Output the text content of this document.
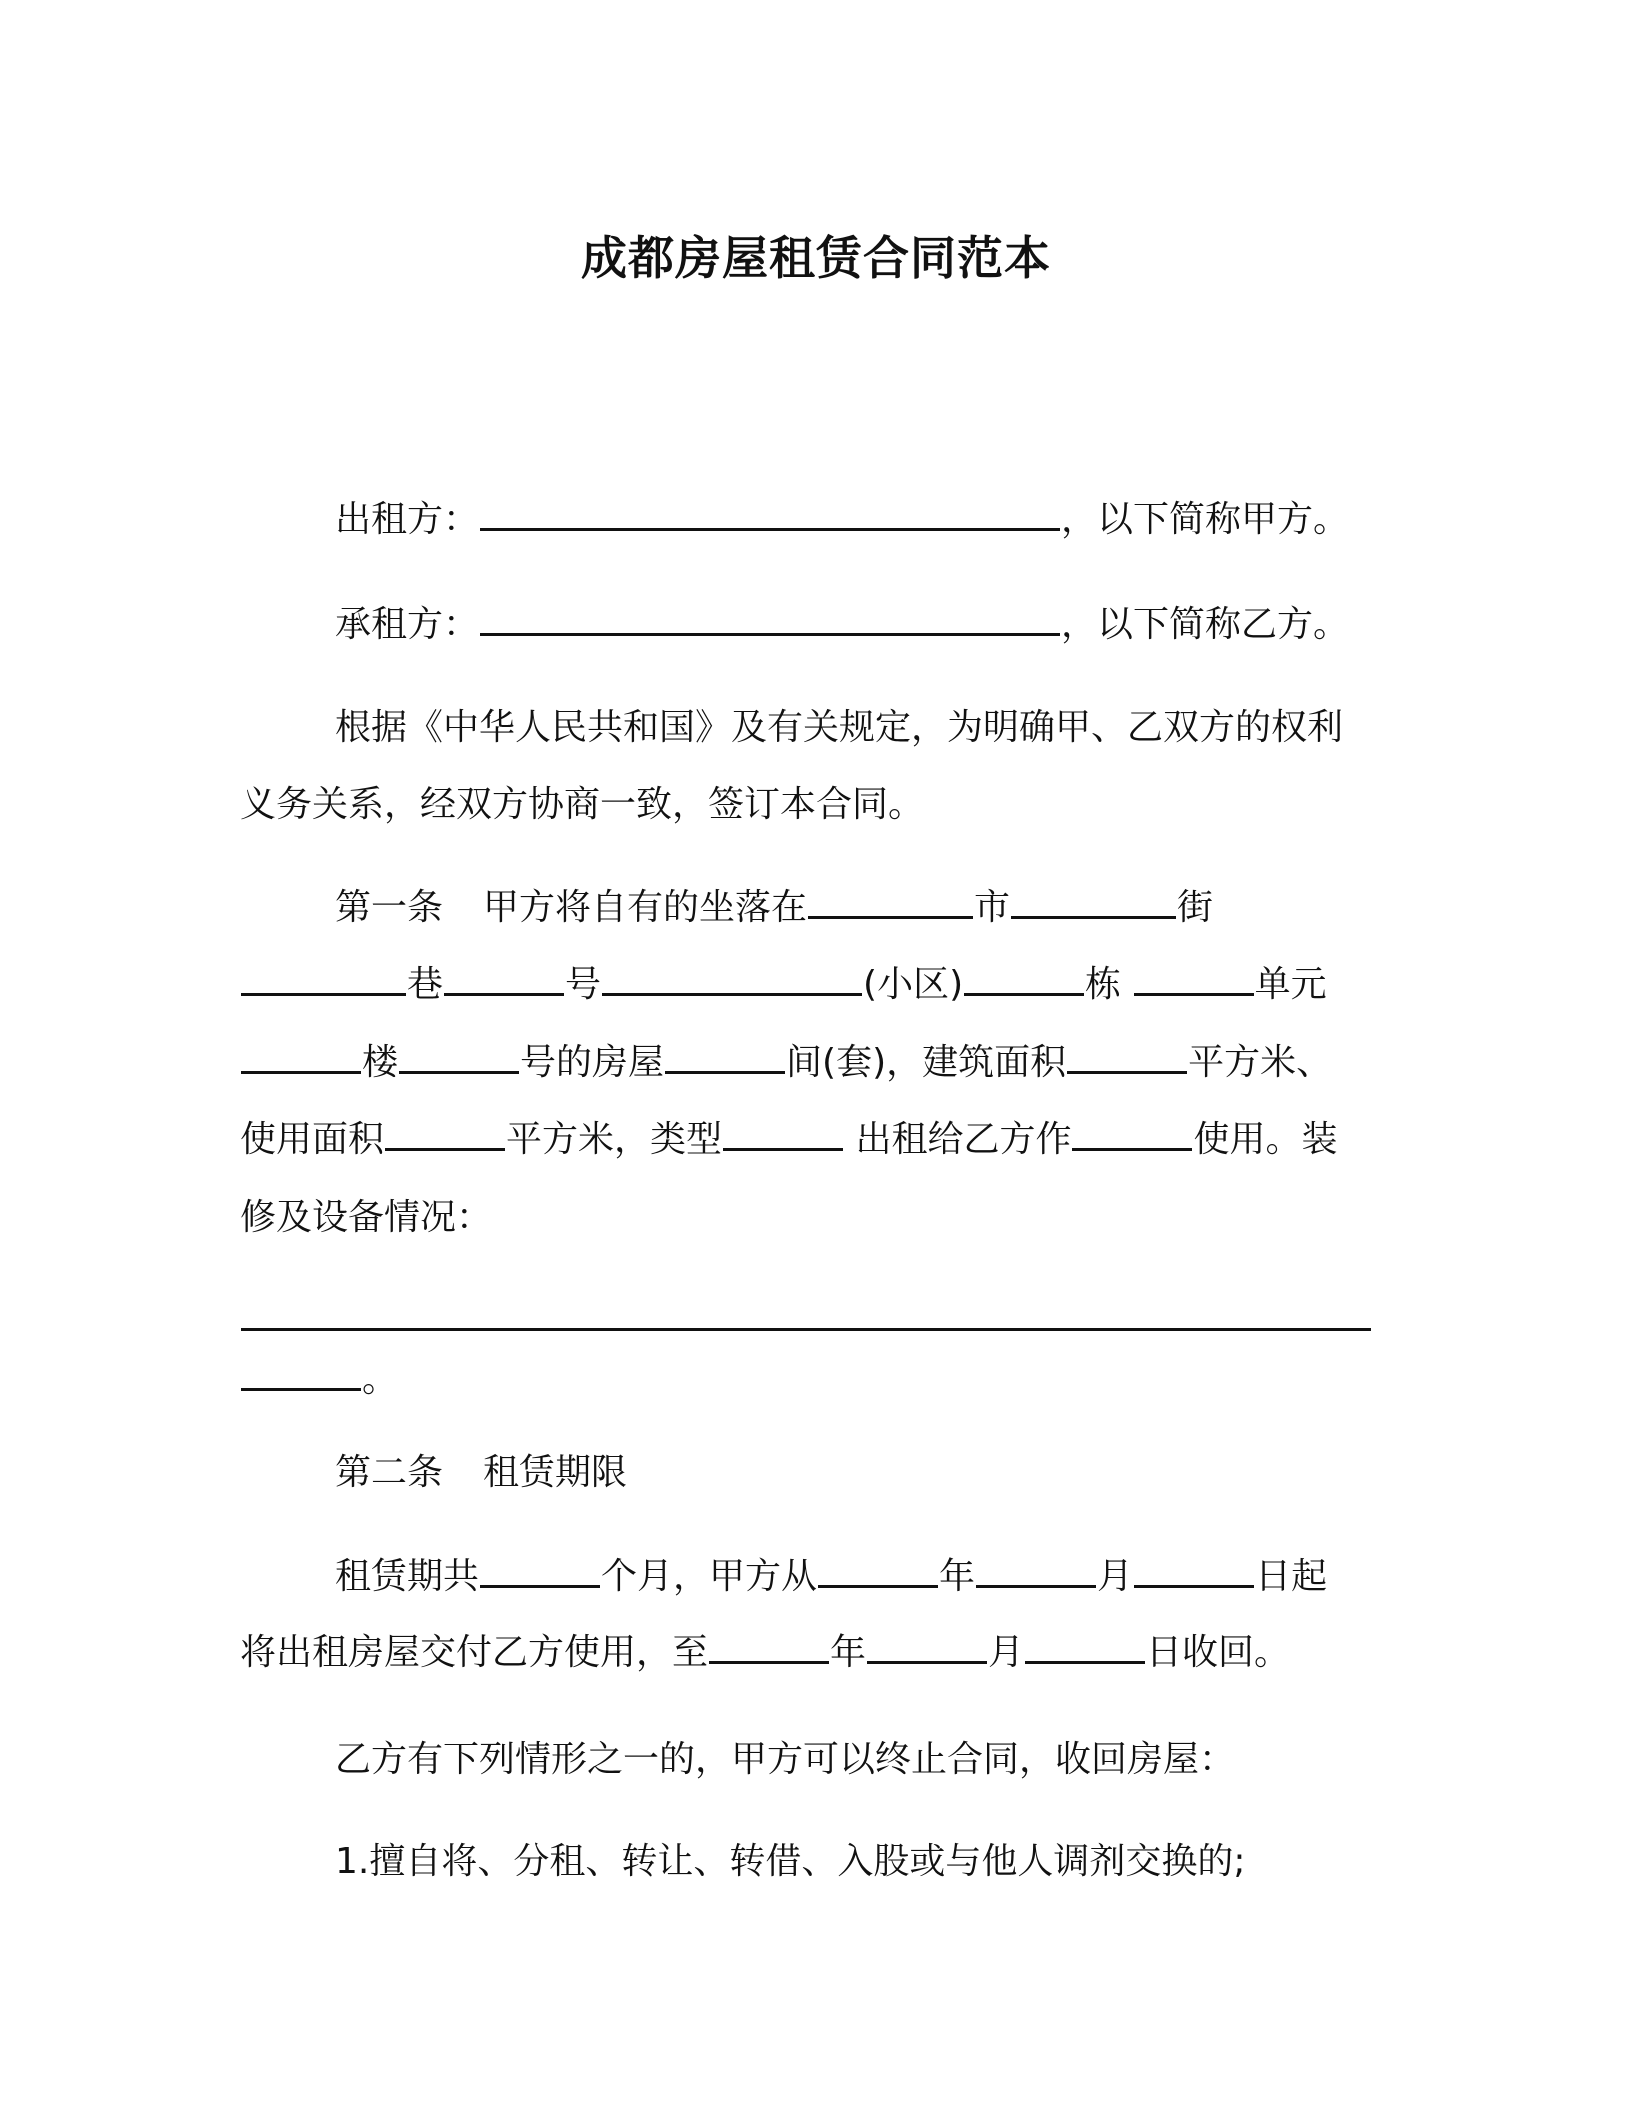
成都房屋租赁合同范本
出租方：	，以下简称甲方。
承租方：	，以下简称乙方。
根据《中华人民共和国》及有关规定，为明确甲、乙双方的权利
义务关系，经双方协商一致，签订本合同。
第一条 甲方将自有的坐落在	市	街
巷	号	(小区)	栋	单元
楼	号的房屋	间(套)，建筑面积	平方米、
使用面积	平方米，类型	出租给乙方作	使用。装
修及设备情况：
。
第二条 租赁期限
租赁期共	个月，甲方从	年	月	日起
将出租房屋交付乙方使用，至	年	月	日收回。
乙方有下列情形之一的，甲方可以终止合同，收回房屋：
1.擅自将、分租、转让、转借、入股或与他人调剂交换的;
